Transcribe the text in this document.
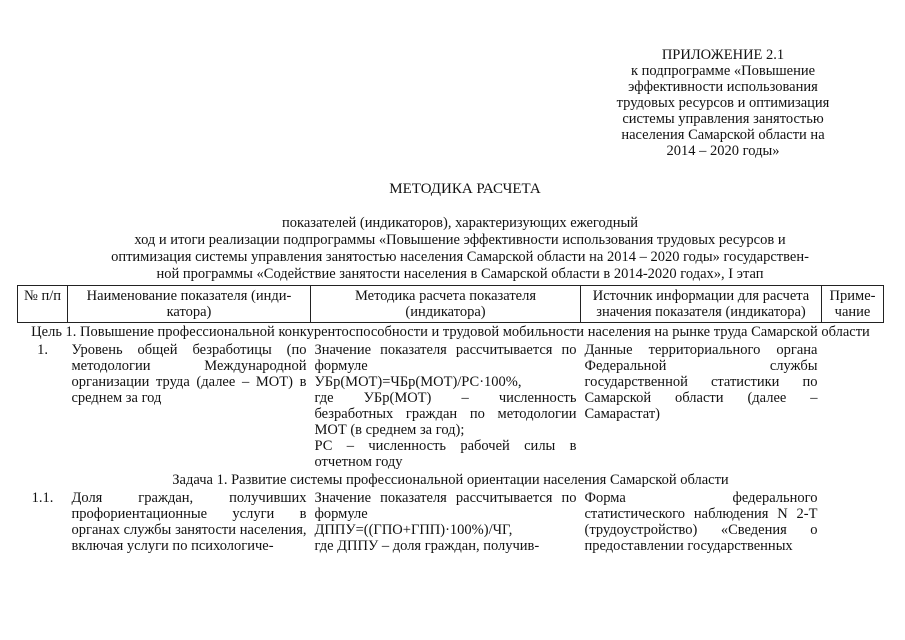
ПРИЛОЖЕНИЕ 2.1
к подпрограмме «Повышение
эффективности использования
трудовых ресурсов и оптимизация
системы управления занятостью
населения Самарской области на
2014 – 2020 годы»
МЕТОДИКА РАСЧЕТА
показателей (индикаторов), характеризующих ежегодный
ход и итоги реализации подпрограммы «Повышение эффективности использования трудовых ресурсов и
оптимизация системы управления занятостью населения Самарской области на 2014 – 2020 годы» государствен-
ной программы «Содействие занятости населения в Самарской области в 2014-2020 годах», I этап
№ п/п	Наименование показателя (инди- катора)	Методика расчета показателя (индикатора)	Источник информации для расчета значения показателя (индикатора)	Приме- чание
Цель 1. Повышение профессиональной конкурентоспособности и трудовой мобильности населения на рынке труда Самарской области				
1.	Уровень общей безработицы (по методологии Международной организации труда (далее – МОТ) в среднем за год	Значение показателя рассчитывается по формуле
УБр(МОТ)=ЧБр(МОТ)/РС·100%,
где УБр(МОТ) – численность безработных граждан по методологии МОТ (в среднем за год);
РС – численность рабочей силы в отчетном году	Данные территориального органа Федеральной службы государственной статистики по Самарской области (далее – Самарастат)	
Задача 1. Развитие системы профессиональной ориентации населения Самарской области				
1.1.	Доля граждан, получивших профориентационные услуги в органах службы занятости населения, включая услуги по психологиче-	Значение показателя рассчитывается по формуле
ДППУ=((ГПО+ГПП)·100%)/ЧГ,
где ДППУ – доля граждан, получив-	Форма федерального статистического наблюдения N 2-Т (трудоустройство) «Сведения о предоставлении государственных	
